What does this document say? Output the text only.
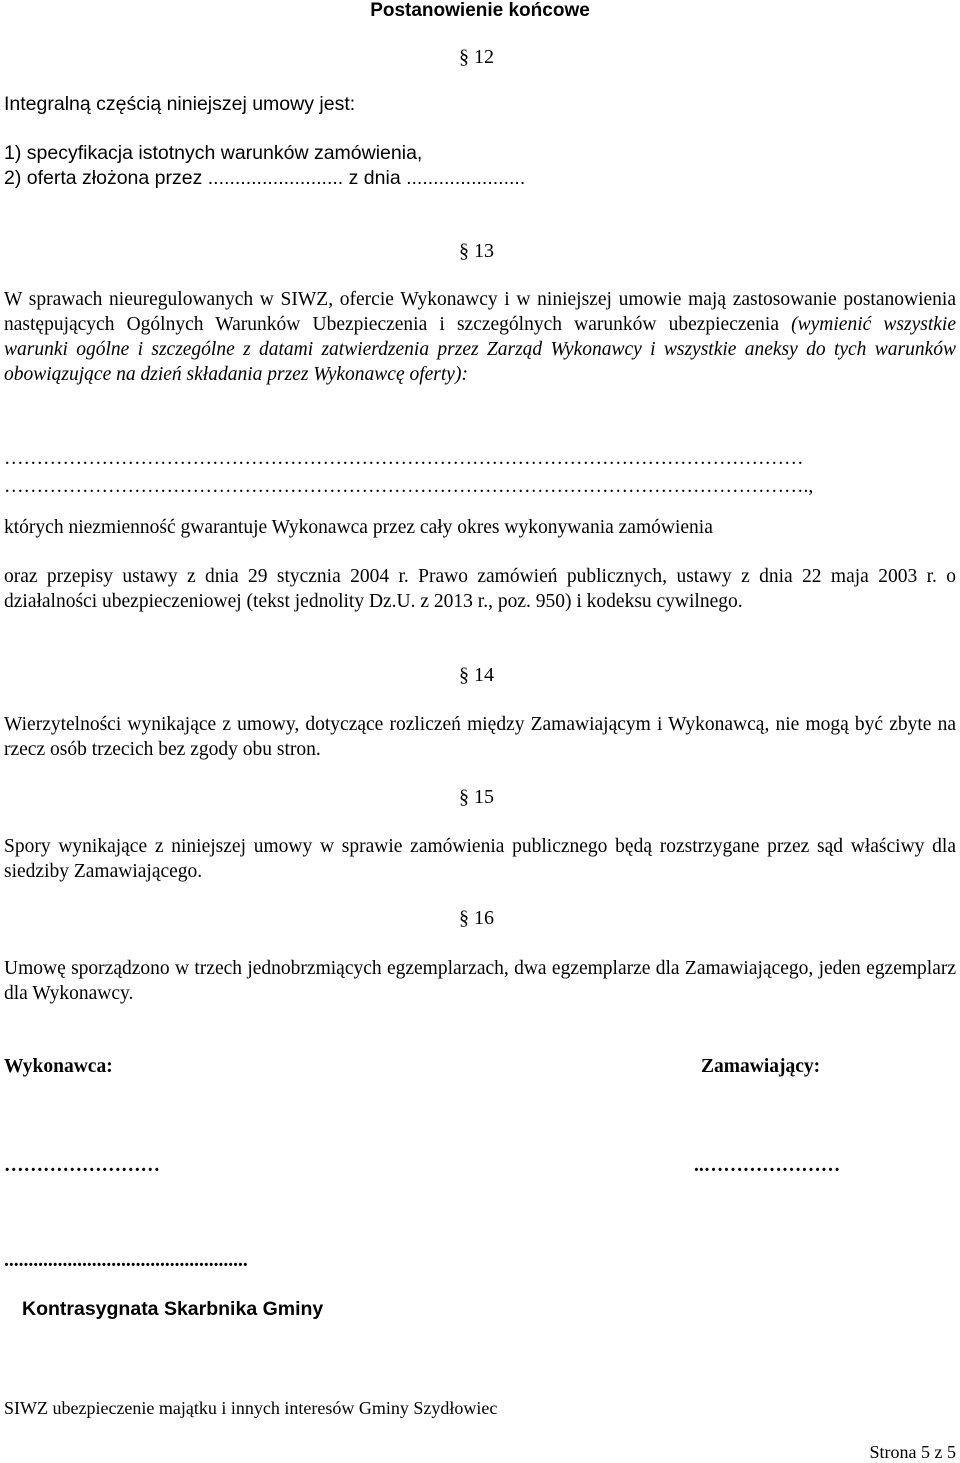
Postanowienie końcowe
§ 12
Integralną częścią niniejszej umowy jest:
1) specyfikacja istotnych warunków zamówienia,
2) oferta złożona przez ......................... z dnia ......................
§ 13

W sprawach nieuregulowanych w SIWZ, ofercie Wykonawcy i w niniejszej umowie mają zastosowanie postanowienia następujących Ogólnych Warunków Ubezpieczenia i szczególnych warunków ubezpieczenia (wymienić wszystkie warunki ogólne i szczególne z datami zatwierdzenia przez Zarząd Wykonawcy i wszystkie aneksy do tych warunków obowiązujące na dzień składania przez Wykonawcę oferty):

……………………………………………………………………………………………………………
…………………………………………………………………………………………………………….,
których niezmienność gwarantuje Wykonawca przez cały okres wykonywania zamówienia

oraz przepisy ustawy z dnia 29 stycznia 2004 r. Prawo zamówień publicznych, ustawy z dnia 22 maja 2003 r. o działalności ubezpieczeniowej (tekst jednolity Dz.U. z 2013 r., poz. 950) i kodeksu cywilnego.

§ 14

Wierzytelności wynikające z umowy, dotyczące rozliczeń między Zamawiającym i Wykonawcą, nie mogą być zbyte na rzecz osób trzecich bez zgody obu stron.

§ 15

Spory wynikające z niniejszej umowy w sprawie zamówienia publicznego będą rozstrzygane przez sąd właściwy dla siedziby Zamawiającego.

§ 16

Umowę sporządzono w trzech jednobrzmiących egzemplarzach, dwa egzemplarze dla Zamawiającego, jeden egzemplarz dla Wykonawcy.

Wykonawca:	Zamawiający:
……………………	..…………………
..................................................
Kontrasygnata Skarbnika Gminy
SIWZ ubezpieczenie majątku i innych interesów Gminy Szydłowiec
Strona 5 z 5
